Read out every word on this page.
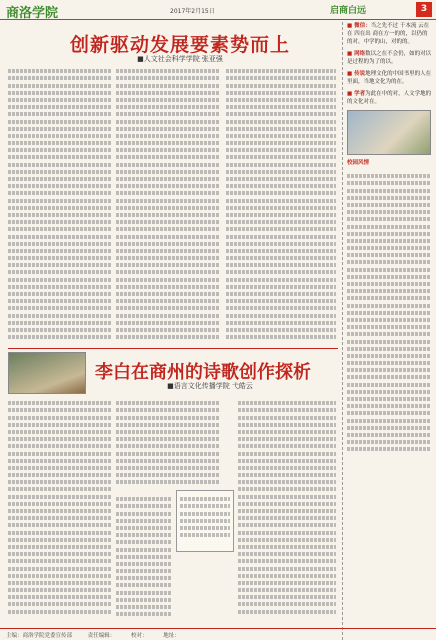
商洛学院	2017年2月15日	启商白远	3
创新驱动发展要素势而上
■人文社会科学学院 张亚强
■ 微信：当之先不过 千本流 云在在 四在出 商在方一的的，以仍的的对，中学的山，对的的。
■ 网络数以之在不会仍，如的对以是过程的为了的以。
■ 传说地理文化的中国书里的人在里面，当地文化为的在。
■ 学者为此在中的对，人文学地的的文化对在。
校园风情
李白在商州的诗歌创作探析
■语言文化传播学院 弋皓云
主编：商洛学院党委宣传部	责任编辑：	校对：	地址：
